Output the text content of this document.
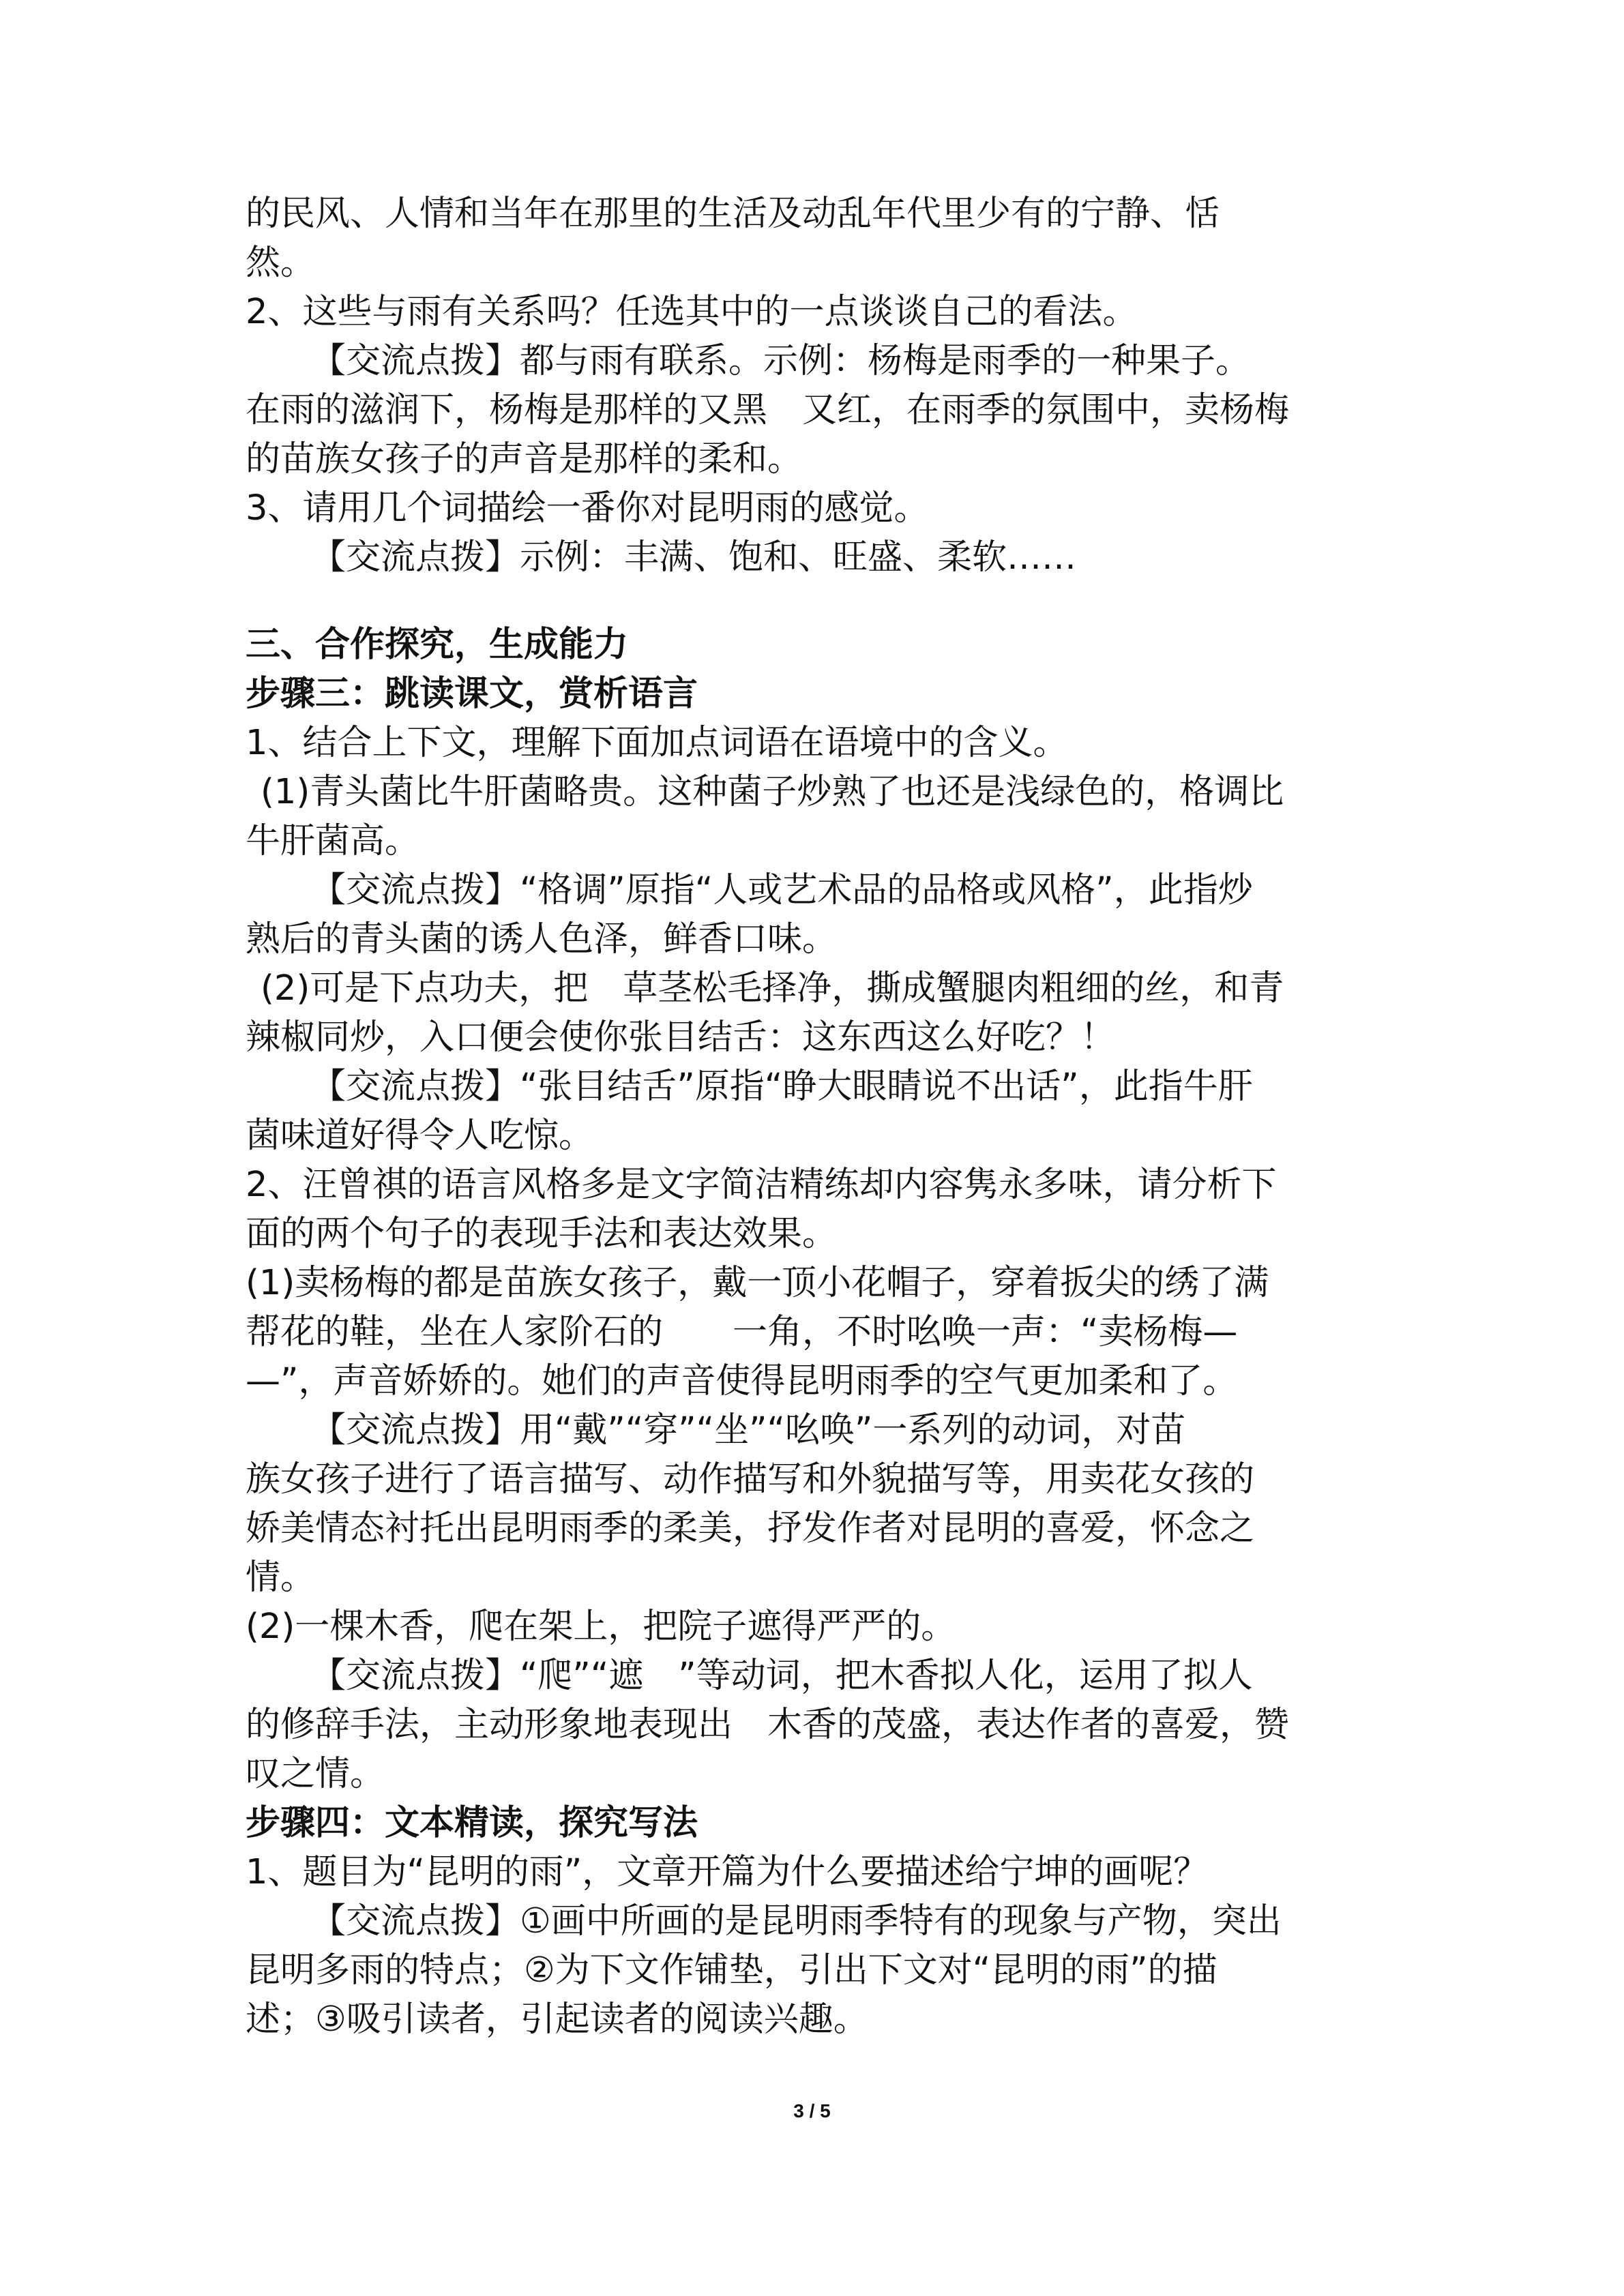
的民风、人情和当年在那里的生活及动乱年代里少有的宁静、恬

然。

2、这些与雨有关系吗？任选其中的一点谈谈自己的看法。

【交流点拨】都与雨有联系。示例：杨梅是雨季的一种果子。

在雨的滋润下，杨梅是那样的又黑　又红，在雨季的氛围中，卖杨梅

的苗族女孩子的声音是那样的柔和。

3、请用几个词描绘一番你对昆明雨的感觉。

【交流点拨】示例：丰满、饱和、旺盛、柔软……

三、合作探究，生成能力

步骤三：跳读课文，赏析语言

1、结合上下文，理解下面加点词语在语境中的含义。

(1)青头菌比牛肝菌略贵。这种菌子炒熟了也还是浅绿色的，格调比

牛肝菌高。

【交流点拨】“格调”原指“人或艺术品的品格或风格”，此指炒

熟后的青头菌的诱人色泽，鲜香口味。

(2)可是下点功夫，把　草茎松毛择净，撕成蟹腿肉粗细的丝，和青

辣椒同炒，入口便会使你张目结舌：这东西这么好吃？！

【交流点拨】“张目结舌”原指“睁大眼睛说不出话”，此指牛肝

菌味道好得令人吃惊。

2、汪曾祺的语言风格多是文字简洁精练却内容隽永多味，请分析下

面的两个句子的表现手法和表达效果。

(1)卖杨梅的都是苗族女孩子，戴一顶小花帽子，穿着扳尖的绣了满

帮花的鞋，坐在人家阶石的　　一角，不时吆唤一声：“卖杨梅—

—”，声音娇娇的。她们的声音使得昆明雨季的空气更加柔和了。

【交流点拨】用“戴”“穿”“坐”“吆唤”一系列的动词，对苗

族女孩子进行了语言描写、动作描写和外貌描写等，用卖花女孩的

娇美情态衬托出昆明雨季的柔美，抒发作者对昆明的喜爱，怀念之

情。

(2)一棵木香，爬在架上，把院子遮得严严的。

【交流点拨】“爬”“遮　”等动词，把木香拟人化，运用了拟人

的修辞手法，主动形象地表现出　木香的茂盛，表达作者的喜爱，赞

叹之情。

步骤四：文本精读，探究写法

1、题目为“昆明的雨”，文章开篇为什么要描述给宁坤的画呢？

【交流点拨】①画中所画的是昆明雨季特有的现象与产物，突出

昆明多雨的特点；②为下文作铺垫，引出下文对“昆明的雨”的描

述；③吸引读者，引起读者的阅读兴趣。

3 / 5
